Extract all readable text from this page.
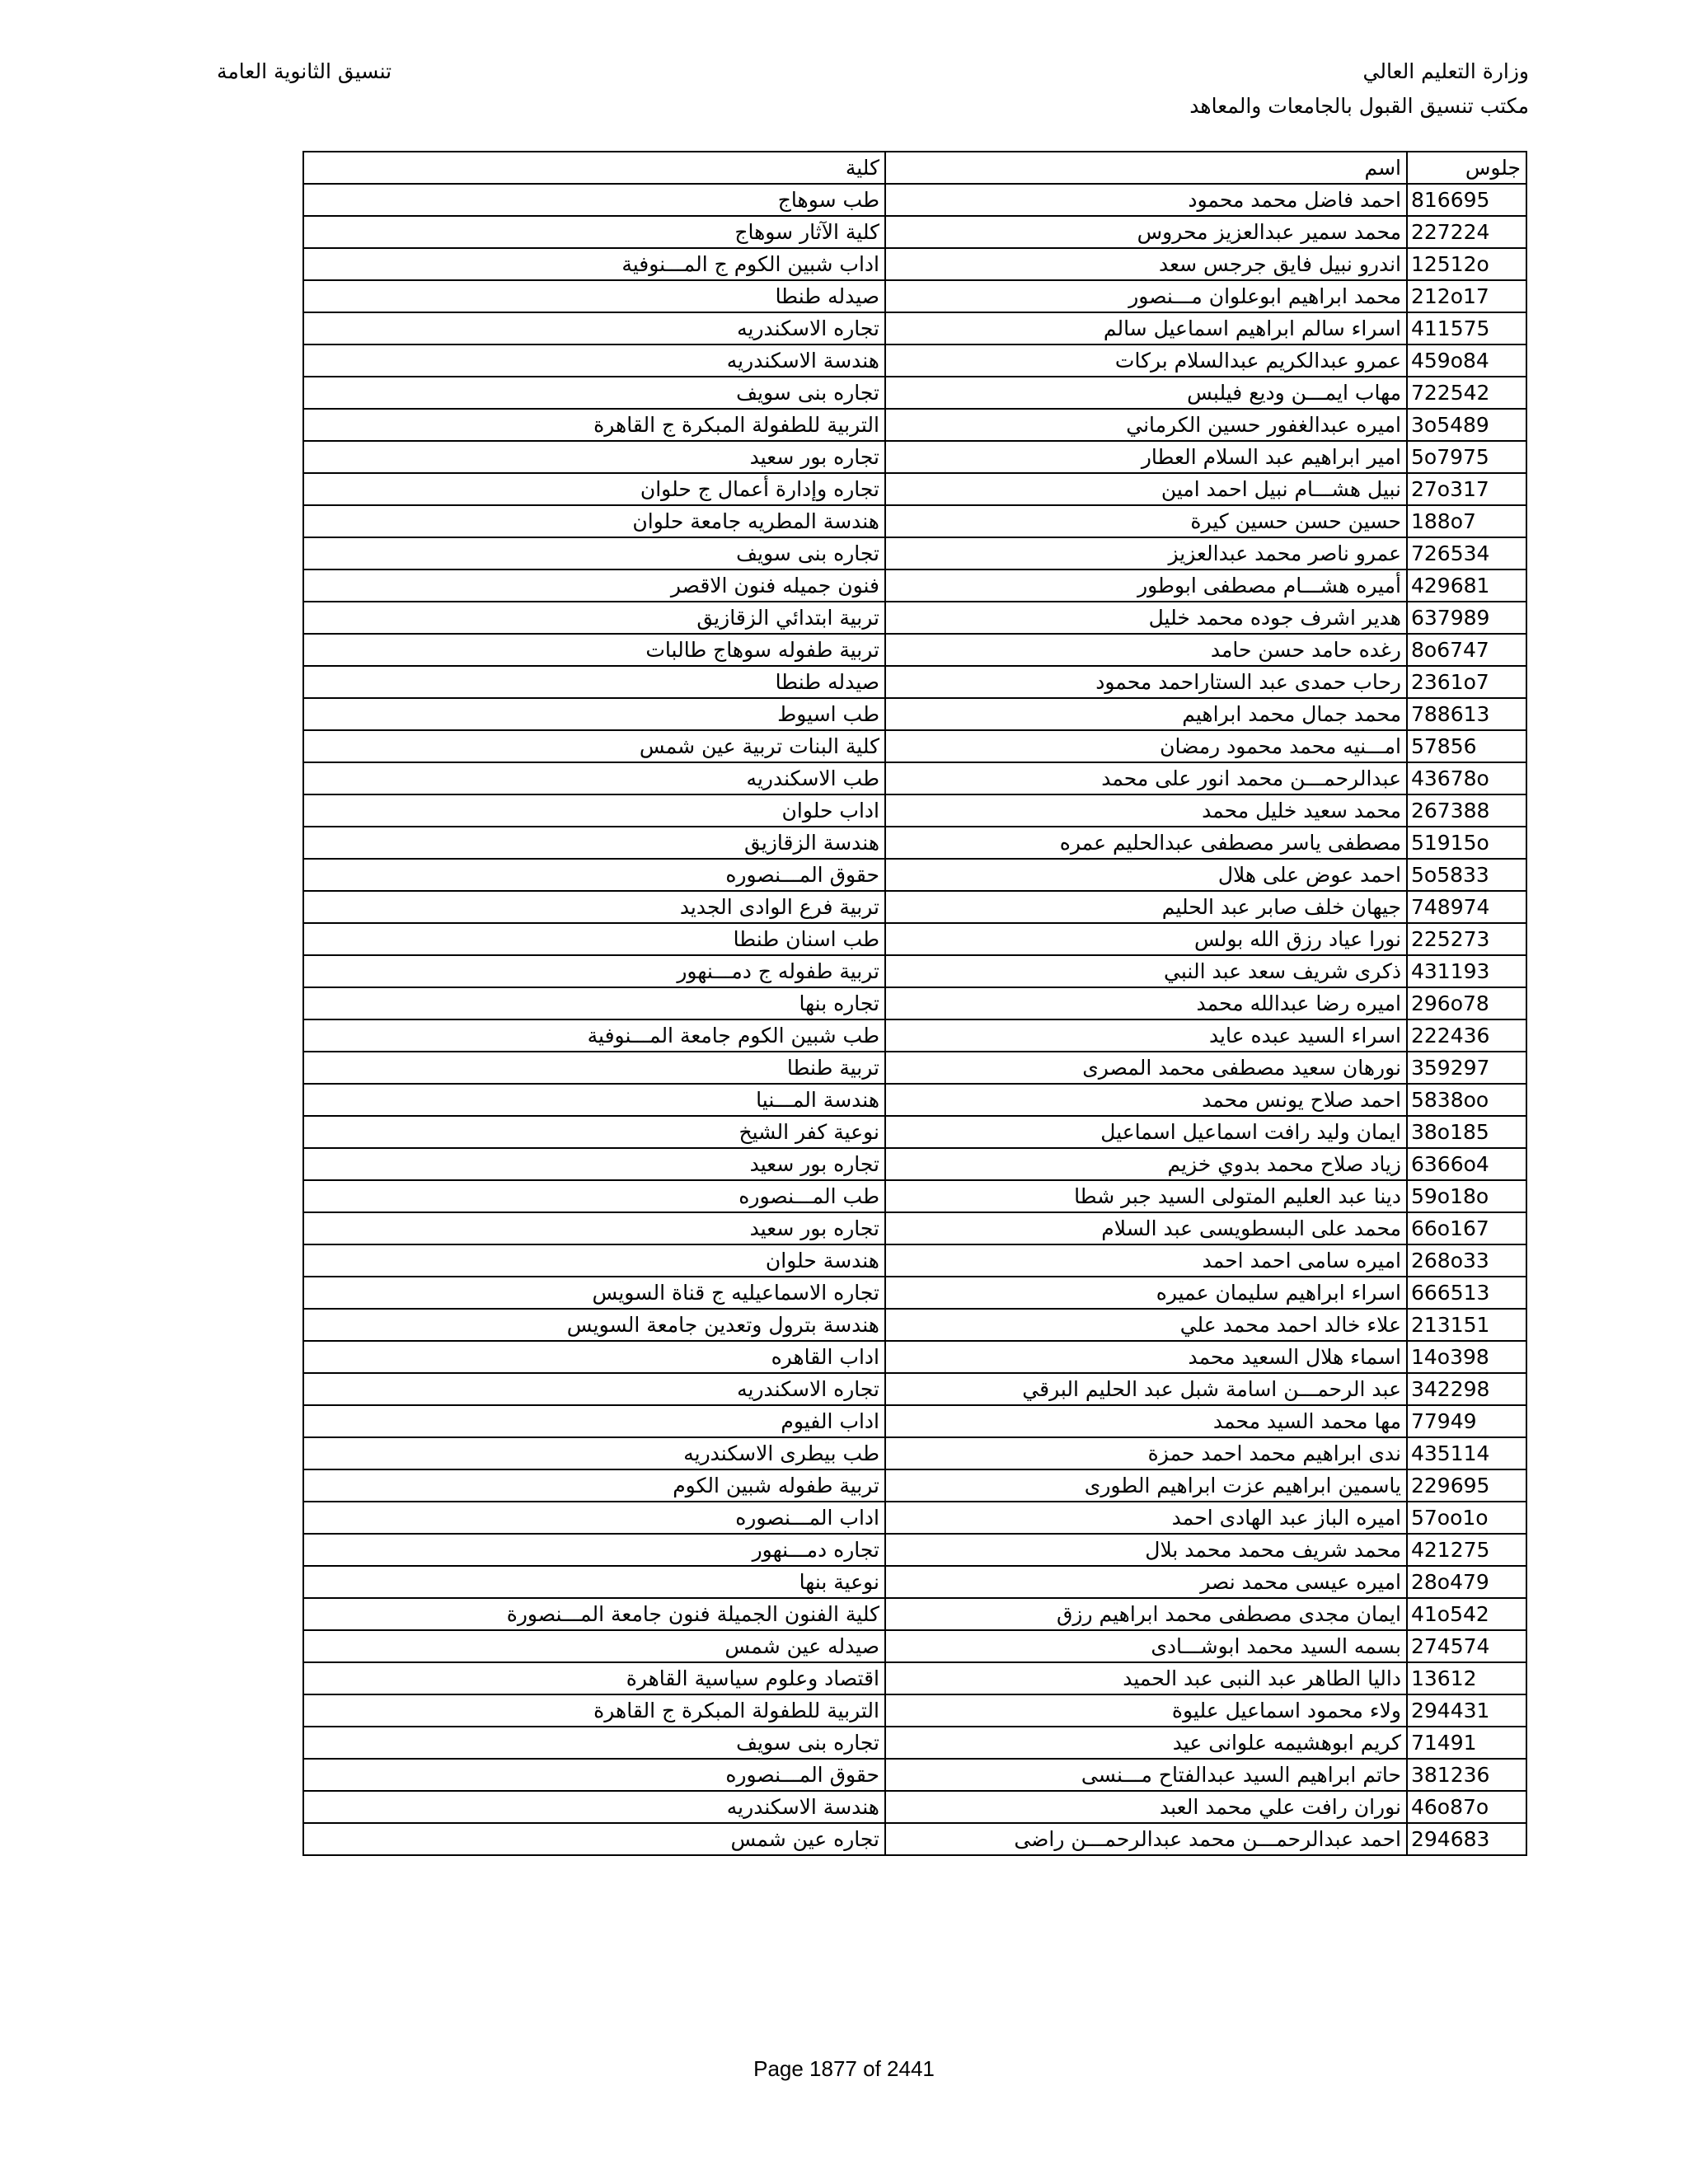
وزارة التعليم العالي
مكتب تنسيق القبول بالجامعات والمعاهد
تنسيق الثانوية العامة
جلوس	اسم	كلية
816695	احمد فاضل محمد محمود	طب سوهاج
227224	محمد سمير عبدالعزيز محروس	كلية الآثار سوهاج
12512o	اندرو نبيل فايق جرجس سعد	اداب شبين الكوم ج المـــنوفية
212o17	محمد ابراهيم ابوعلوان مـــنصور	صيدله طنطا
411575	اسراء سالم ابراهيم اسماعيل سالم	تجاره الاسكندريه
459o84	عمرو عبدالكريم عبدالسلام بركات	هندسة الاسكندريه
722542	مهاب ايمـــن وديع فيلبس	تجاره بنى سويف
3o5489	اميره عبدالغفور حسين الكرماني	التربية للطفولة المبكرة ج القاهرة
5o7975	امير ابراهيم عبد السلام العطار	تجاره بور سعيد
27o317	نبيل هشـــام نبيل احمد امين	تجاره وإدارة أعمال ج حلوان
188o7	حسين حسن حسين كيرة	هندسة المطريه جامعة حلوان
726534	عمرو ناصر محمد عبدالعزيز	تجاره بنى سويف
429681	أميره هشـــام مصطفى ابوطور	فنون جميله فنون الاقصر
637989	هدير اشرف جوده محمد خليل	تربية ابتدائي الزقازيق
8o6747	رغده حامد حسن حامد	تربية طفوله سوهاج طالبات
2361o7	رحاب حمدى عبد الستاراحمد محمود	صيدله طنطا
788613	محمد جمال محمد ابراهيم	طب اسيوط
57856	امـــنيه محمد محمود رمضان	كلية البنات تربية عين شمس
43678o	عبدالرحمـــن محمد انور على محمد	طب الاسكندريه
267388	محمد سعيد خليل محمد	اداب حلوان
51915o	مصطفى ياسر مصطفى عبدالحليم عمره	هندسة الزقازيق
5o5833	احمد عوض على هلال	حقوق المـــنصوره
748974	جيهان خلف صابر عبد الحليم	تربية فرع الوادى الجديد
225273	نورا عياد رزق الله بولس	طب اسنان طنطا
431193	ذكرى شريف سعد عبد النبي	تربية طفوله ج دمـــنهور
296o78	اميره رضا عبدالله محمد	تجاره بنها
222436	اسراء السيد عبده عايد	طب شبين الكوم جامعة المـــنوفية
359297	نورهان سعيد مصطفى محمد المصرى	تربية طنطا
5838oo	احمد صلاح يونس محمد	هندسة المـــنيا
38o185	ايمان وليد رافت اسماعيل اسماعيل	نوعية كفر الشيخ
6366o4	زياد صلاح محمد بدوي خزيم	تجاره بور سعيد
59o18o	دينا عبد العليم المتولى السيد جبر شطا	طب المـــنصوره
66o167	محمد على البسطويسى عبد السلام	تجاره بور سعيد
268o33	اميره سامى احمد احمد	هندسة حلوان
666513	اسراء ابراهيم سليمان عميره	تجاره الاسماعيليه ج قناة السويس
213151	علاء خالد احمد محمد علي	هندسة بترول وتعدين جامعة السويس
14o398	اسماء هلال السعيد محمد	اداب القاهره
342298	عبد الرحمـــن اسامة شبل عبد الحليم البرقي	تجاره الاسكندريه
77949	مها محمد السيد محمد	اداب الفيوم
435114	ندى ابراهيم محمد احمد حمزة	طب بيطرى الاسكندريه
229695	ياسمين ابراهيم عزت ابراهيم الطورى	تربية طفوله شبين الكوم
57oo1o	اميره الباز عبد الهادى احمد	اداب المـــنصوره
421275	محمد شريف محمد محمد بلال	تجاره دمـــنهور
28o479	اميره عيسى محمد نصر	نوعية بنها
41o542	ايمان مجدى مصطفى محمد ابراهيم رزق	كلية الفنون الجميلة فنون جامعة المـــنصورة
274574	بسمه السيد محمد ابوشـــادى	صيدله عين شمس
13612	داليا الطاهر عبد النبى عبد الحميد	اقتصاد وعلوم سياسية القاهرة
294431	ولاء محمود اسماعيل عليوة	التربية للطفولة المبكرة ج القاهرة
71491	كريم ابوهشيمه علوانى عيد	تجاره بنى سويف
381236	حاتم ابراهيم السيد عبدالفتاح مـــنسى	حقوق المـــنصوره
46o87o	نوران رافت علي محمد العبد	هندسة الاسكندريه
294683	احمد عبدالرحمـــن محمد عبدالرحمـــن راضى	تجاره عين شمس
Page 1877 of 2441
